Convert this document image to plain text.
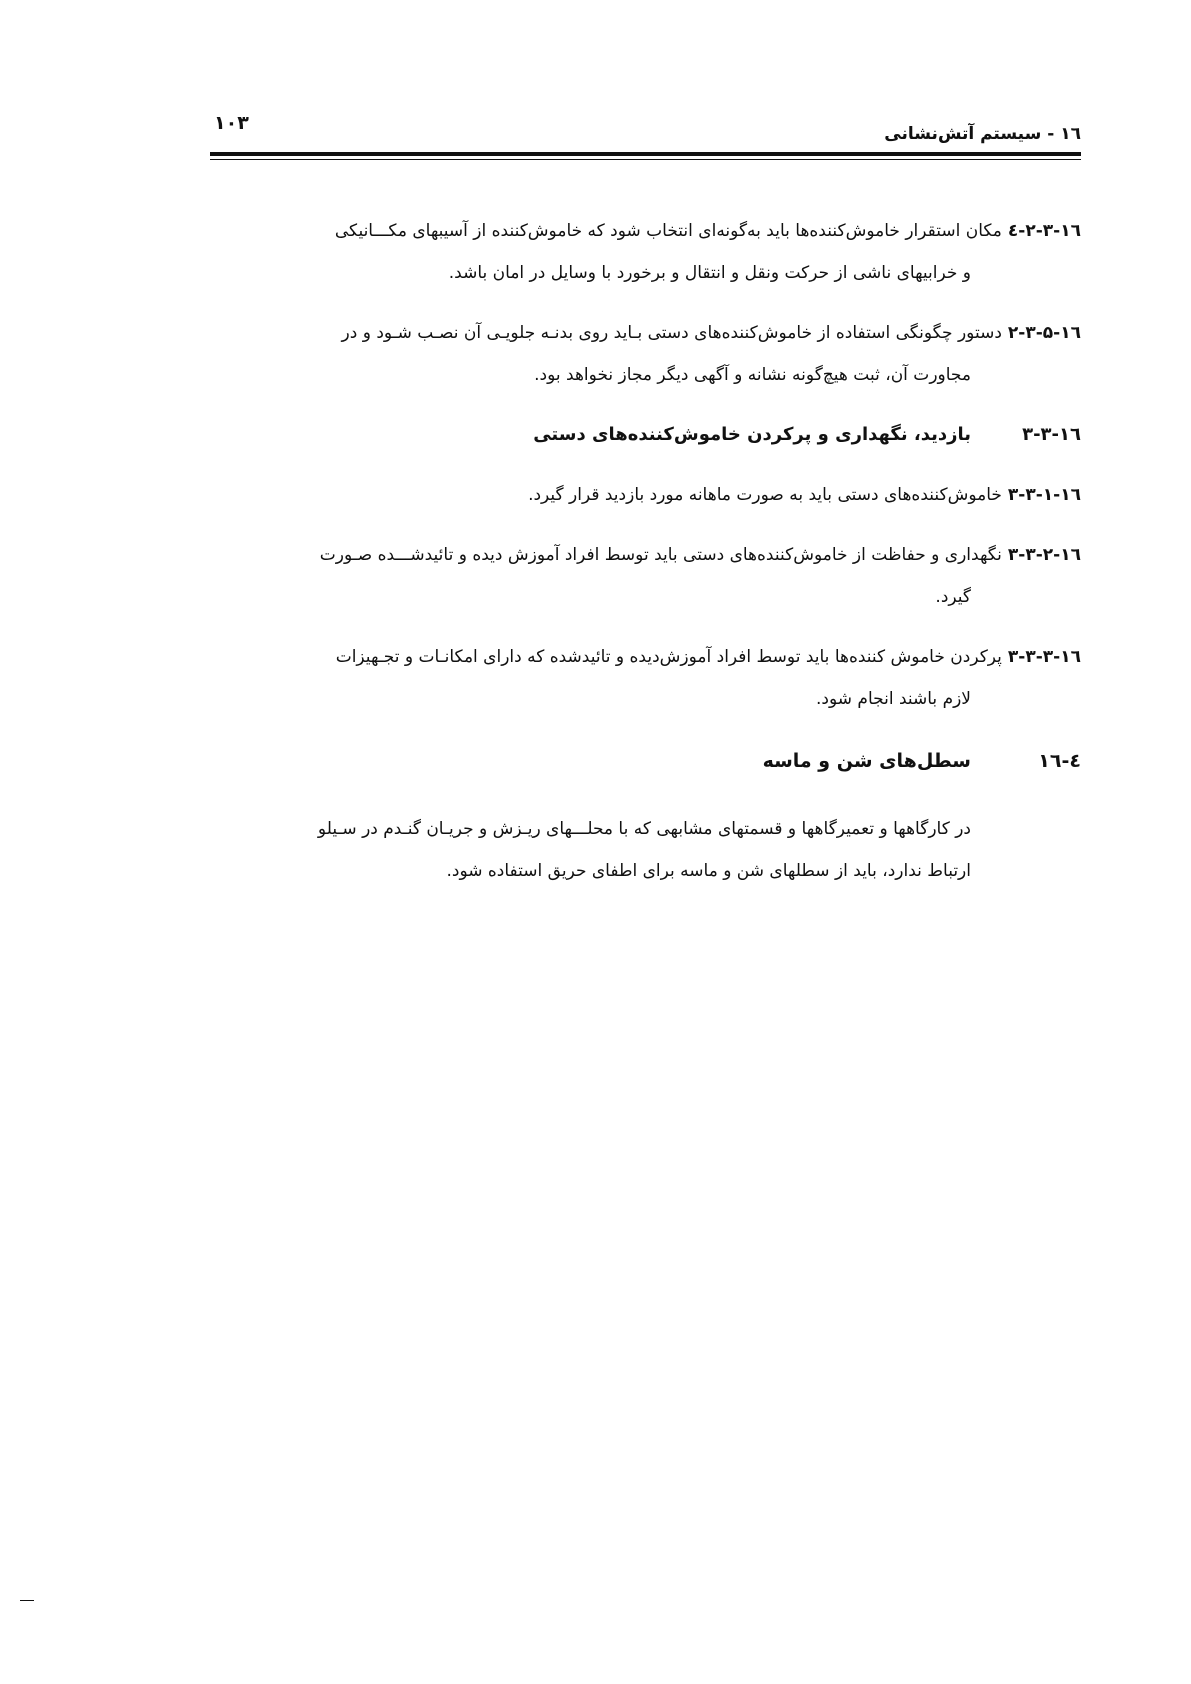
۱٦ - سیستم آتش‌نشانی
۱۰۳

۱٦-۲-۳-٤مکان استقرار خاموش‌کننده‌ها باید به‌گونه‌ای انتخاب شود که خاموش‌کننده از آسیبهای مکـــانیکی
و خرابیهای ناشی از حرکت ونقل و انتقال و برخورد با وسایل در امان باشد.

۱٦-۲-۳-۵دستور چگونگی استفاده از خاموش‌کننده‌های دستی بـاید روی بدنـه جلویـی آن نصـب شـود و در
مجاورت آن، ثبت هیچ‌گونه نشانه و آگهی دیگر مجاز نخواهد بود.

۱٦-۳-۳بازدید، نگهداری و پرکردن خاموش‌کننده‌های دستی

۱٦-۳-۳-۱خاموش‌کننده‌های دستی باید به صورت ماهانه مورد بازدید قرار گیرد.

۱٦-۳-۳-۲نگهداری و حفاظت از خاموش‌کننده‌های دستی باید توسط افراد آموزش دیده و تائیدشـــده صـورت
گیرد.

۱٦-۳-۳-۳پرکردن خاموش کننده‌ها باید توسط افراد آموزش‌دیده و تائیدشده که دارای امکانـات و تجـهیزات
لازم باشند انجام شود.

٤-۱٦سطل‌های شن و ماسه

در کارگاهها و تعمیرگاهها و قسمتهای مشابهی که با محلـــهای ریـزش و جریـان گنـدم در سـیلو
ارتباط ندارد، باید از سطلهای شن و ماسه برای اطفای حریق استفاده شود.
